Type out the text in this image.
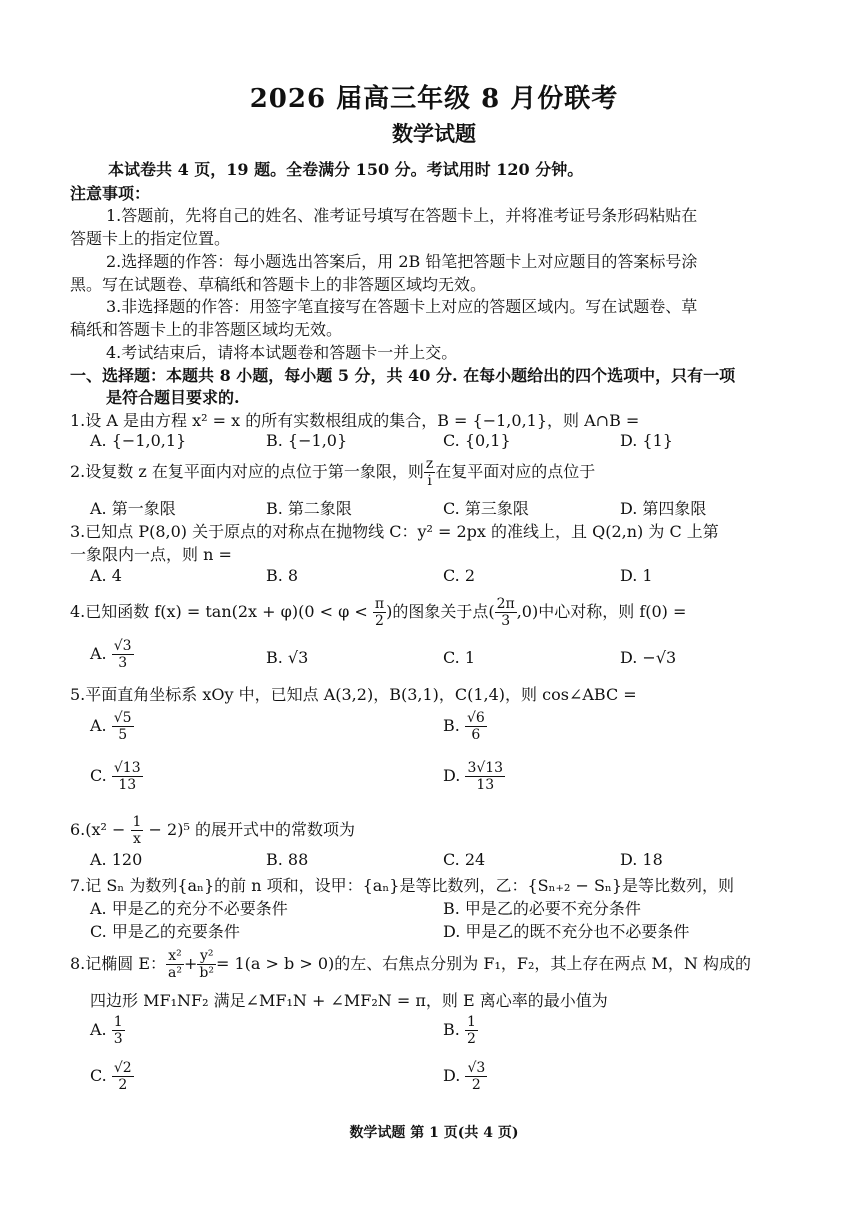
2026 届高三年级 8 月份联考
数学试题
本试卷共 4 页，19 题。全卷满分 150 分。考试用时 120 分钟。
注意事项：
1.答题前，先将自己的姓名、准考证号填写在答题卡上，并将准考证号条形码粘贴在
答题卡上的指定位置。
2.选择题的作答：每小题选出答案后，用 2B 铅笔把答题卡上对应题目的答案标号涂
黑。写在试题卷、草稿纸和答题卡上的非答题区域均无效。
3.非选择题的作答：用签字笔直接写在答题卡上对应的答题区域内。写在试题卷、草
稿纸和答题卡上的非答题区域均无效。
4.考试结束后，请将本试题卷和答题卡一并上交。
一、选择题：本题共 8 小题，每小题 5 分，共 40 分. 在每小题给出的四个选项中，只有一项
是符合题目要求的.
1.设 A 是由方程 x² = x 的所有实数根组成的集合，B = {−1,0,1}，则 A∩B =
A. {−1,0,1}	B. {−1,0}	C. {0,1}	D. {1}
2.设复数 z 在复平面内对应的点位于第一象限，则 $\frac{z}{i}$ 在复平面对应的点位于
A. 第一象限	B. 第二象限	C. 第三象限	D. 第四象限
3.已知点 P(8,0) 关于原点的对称点在抛物线 C：y² = 2px 的准线上，且 Q(2,n) 为 C 上第
一象限内一点，则 n =
A. 4	B. 8	C. 2	D. 1
4.已知函数 $f(x) = \tan(2x + \varphi)(0 < \varphi < \frac{\pi}{2}$ )的图象关于点( $\frac{2\pi}{3} ,0$)中心对称，则 f(0) =
A. $\frac{√3}{3}$	B. √3	C. 1	D. −√3
5.平面直角坐标系 xOy 中，已知点 A(3,2)，B(3,1)，C(1,4)，则 cos∠ABC =
A. $\frac{√5}{5}$	B. $\frac{√6}{6}$
C. $\frac{√13}{13}$	D. $\frac{3√13}{13}$
$6.(x^2 - \frac{1}{x} - 2)^5$ 的展开式中的常数项为
A. 120	B. 88	C. 24	D. 18
7.记 Sₙ 为数列{aₙ}的前 n 项和，设甲：{aₙ}是等比数列，乙：{Sₙ₊₂ − Sₙ}是等比数列，则
A. 甲是乙的充分不必要条件	B. 甲是乙的必要不充分条件
C. 甲是乙的充要条件	D. 甲是乙的既不充分也不必要条件
8.记椭圆 E： $\frac{\text{x²}}{\text{a²}} + \frac{\text{y²}}{\text{b²}} = 1(a > b > 0)$的左、右焦点分别为 F₁，F₂，其上存在两点 M，N 构成的
四边形 MF₁NF₂ 满足∠MF₁N + ∠MF₂N = π，则 E 离心率的最小值为
A. $\frac{1}{3}$	B. $\frac{1}{2}$
C. $\frac{√2}{2}$	D. $\frac{√3}{2}$
数学试题 第 1 页(共 4 页)
